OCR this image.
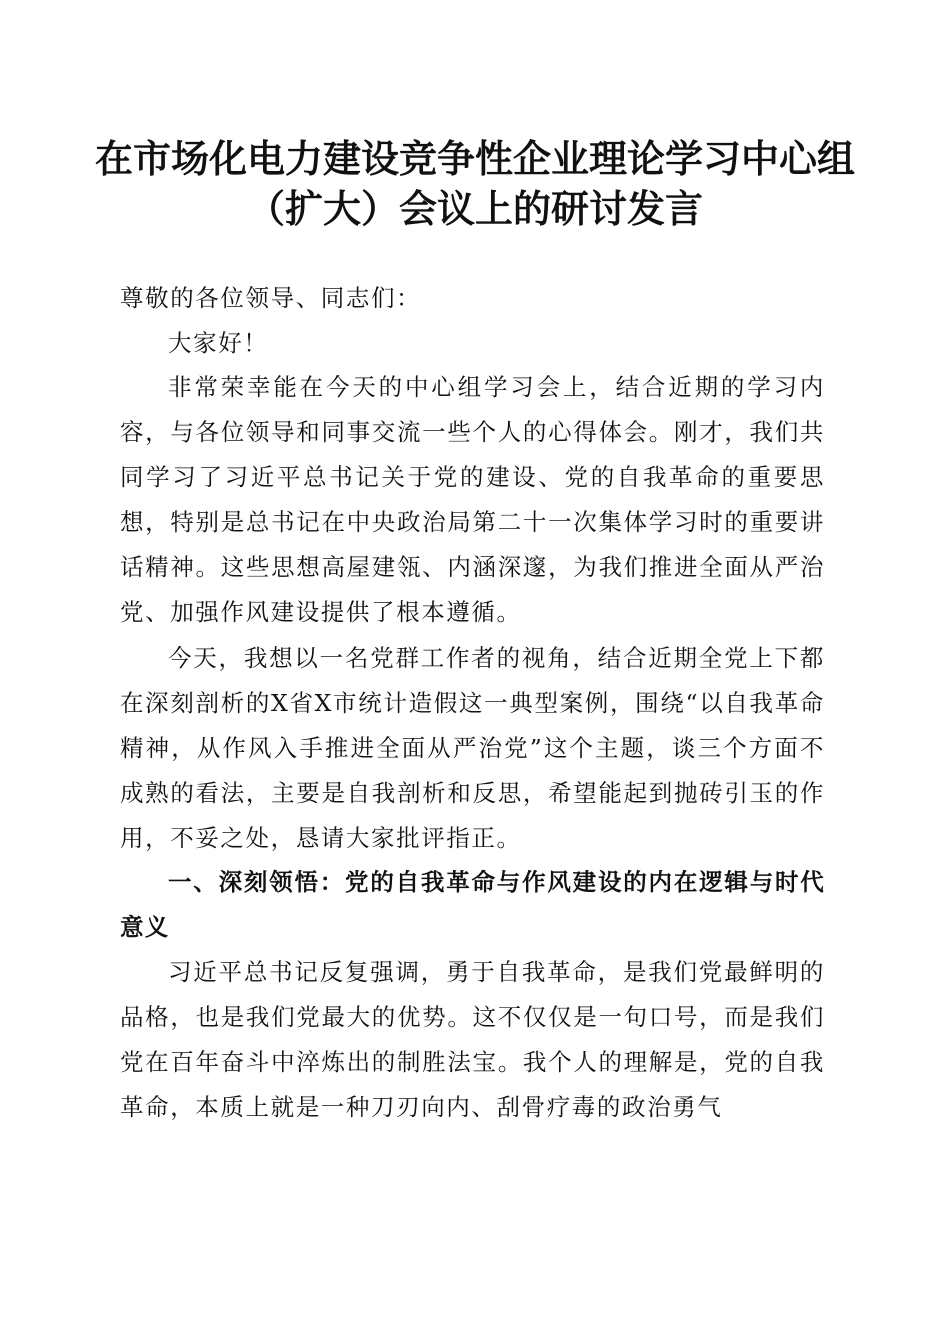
在市场化电力建设竞争性企业理论学习中心组
（扩大）会议上的研讨发言

尊敬的各位领导、同志们：

大家好！

非常荣幸能在今天的中心组学习会上，结合近期的学习内容，与各位领导和同事交流一些个人的心得体会。刚才，我们共同学习了习近平总书记关于党的建设、党的自我革命的重要思想，特别是总书记在中央政治局第二十一次集体学习时的重要讲话精神。这些思想高屋建瓴、内涵深邃，为我们推进全面从严治党、加强作风建设提供了根本遵循。

今天，我想以一名党群工作者的视角，结合近期全党上下都在深刻剖析的X省X市统计造假这一典型案例，围绕“以自我革命精神，从作风入手推进全面从严治党”这个主题，谈三个方面不成熟的看法，主要是自我剖析和反思，希望能起到抛砖引玉的作用，不妥之处，恳请大家批评指正。

一、深刻领悟：党的自我革命与作风建设的内在逻辑与时代意义

习近平总书记反复强调，勇于自我革命，是我们党最鲜明的品格，也是我们党最大的优势。这不仅仅是一句口号，而是我们党在百年奋斗中淬炼出的制胜法宝。我个人的理解是，党的自我革命，本质上就是一种刀刃向内、刮骨疗毒的政治勇气
